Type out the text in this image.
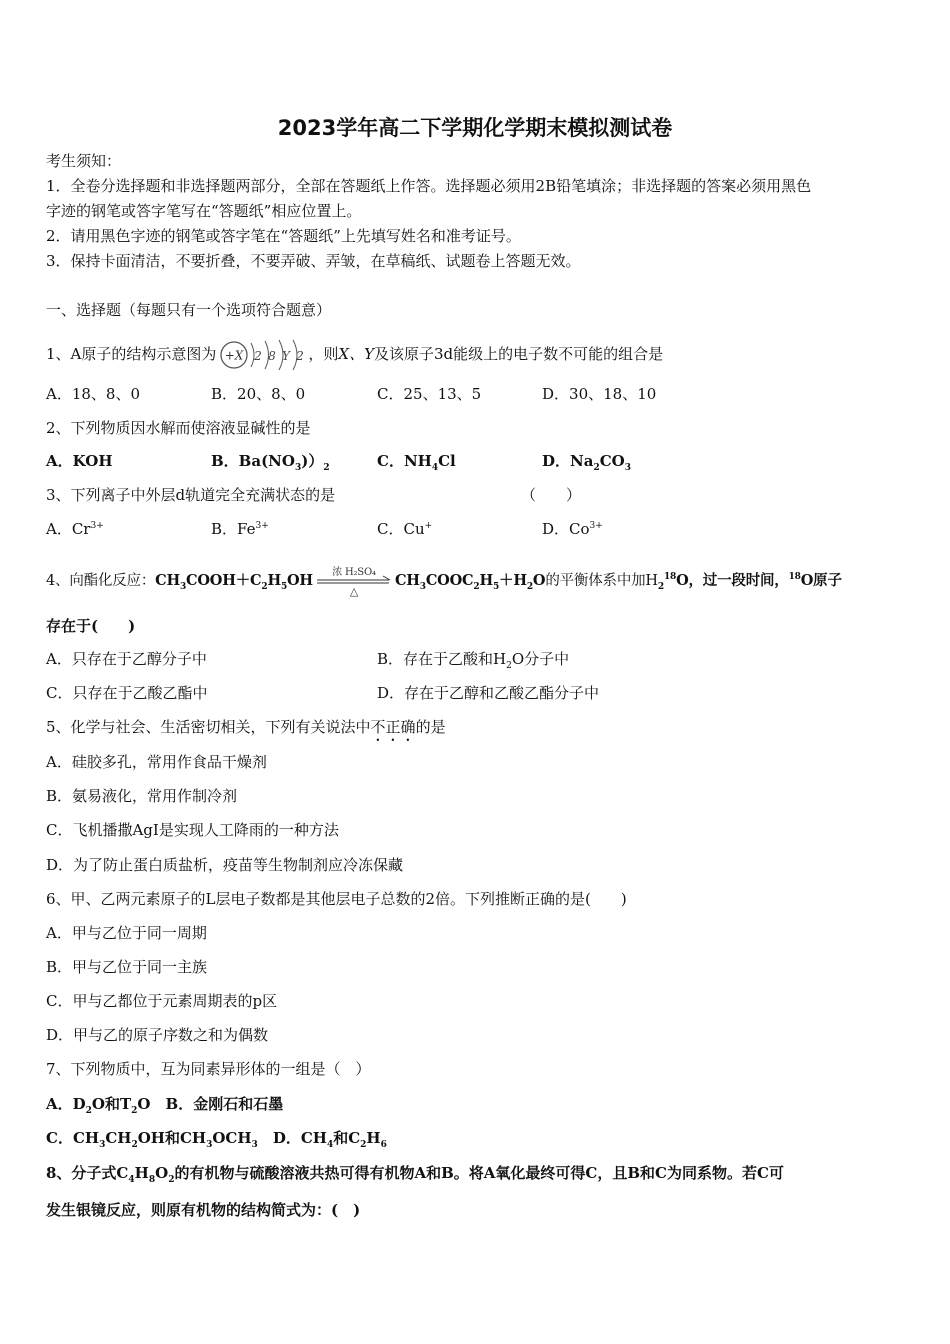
2023学年高二下学期化学期末模拟测试卷
考生须知：
1．全卷分选择题和非选择题两部分，全部在答题纸上作答。选择题必须用2B铅笔填涂；非选择题的答案必须用黑色
字迹的钢笔或答字笔写在“答题纸”相应位置上。
2．请用黑色字迹的钢笔或答字笔在“答题纸”上先填写姓名和准考证号。
3．保持卡面清洁，不要折叠，不要弄破、弄皱，在草稿纸、试题卷上答题无效。
一、选择题（每题只有一个选项符合题意）
1、A原子的结构示意图为 +X 2 8 Y 2 ，则X、Y及该原子3d能级上的电子数不可能的组合是
A．18、8、0	B．20、8、0	C．25、13、5	D．30、18、10
2、下列物质因水解而使溶液显碱性的是
A．KOH	B．$Ba(NO_3))_2$	C．$NH_4Cl$	D．$Na_2CO_3$
3、下列离子中外层d轨道完全充满状态的是	（　　）
A．$Cr^{3+}$	B．$Fe^{3+}$	C．Cu+	D．$Co^{3+}$
4、向酯化反应：$CH_3COOH+C_2H_5OH$ 浓 H₂SO₄
△
$CH_3COOC_2H_5+H_2O$的平衡体系中加$H_2^{18}O$，过一段时间，$^{18}$O原子
存在于(　　)
A．只存在于乙醇分子中	B．存在于乙酸和$H_2O$分子中
C．只存在于乙酸乙酯中	D．存在于乙醇和乙酸乙酯分子中
5、化学与社会、生活密切相关，下列有关说法中不正确的是
A．硅胶多孔，常用作食品干燥剂
B．氨易液化，常用作制冷剂
C．飞机播撒AgI是实现人工降雨的一种方法
D．为了防止蛋白质盐析，疫苗等生物制剂应冷冻保藏
6、甲、乙两元素原子的L层电子数都是其他层电子总数的2倍。下列推断正确的是(　　)
A．甲与乙位于同一周期
B．甲与乙位于同一主族
C．甲与乙都位于元素周期表的p区
D．甲与乙的原子序数之和为偶数
7、下列物质中，互为同素异形体的一组是（　）
A．$D_2O$和$T_2O$　 B．金刚石和石墨
C．$CH_3CH_2OH$和$CH_3OCH_3$　 D．$CH_4$和$C_2H_6$
8、分子式$C_4H_8O_2$的有机物与硫酸溶液共热可得有机物A和B。将A氧化最终可得C，且B和C为同系物。若C可
发生银镜反应，则原有机物的结构简式为：(　)
